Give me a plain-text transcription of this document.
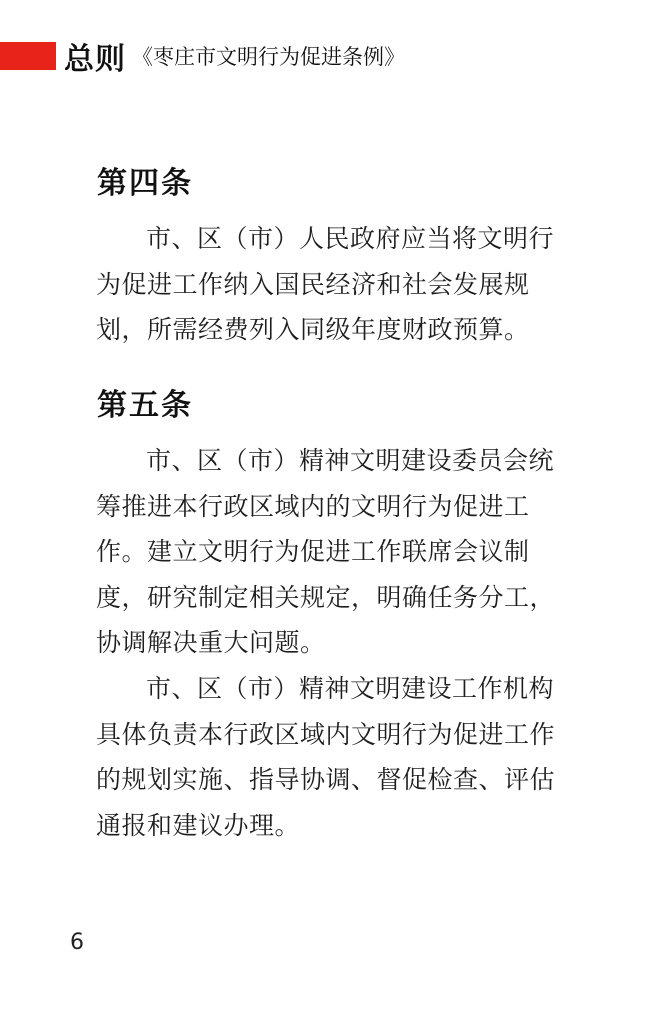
总则 《枣庄市文明行为促进条例》
第四条

市、区（市）人民政府应当将文明行为促进工作纳入国民经济和社会发展规划，所需经费列入同级年度财政预算。

第五条

市、区（市）精神文明建设委员会统筹推进本行政区域内的文明行为促进工作。建立文明行为促进工作联席会议制度，研究制定相关规定，明确任务分工，协调解决重大问题。

市、区（市）精神文明建设工作机构具体负责本行政区域内文明行为促进工作的规划实施、指导协调、督促检查、评估通报和建议办理。

6
